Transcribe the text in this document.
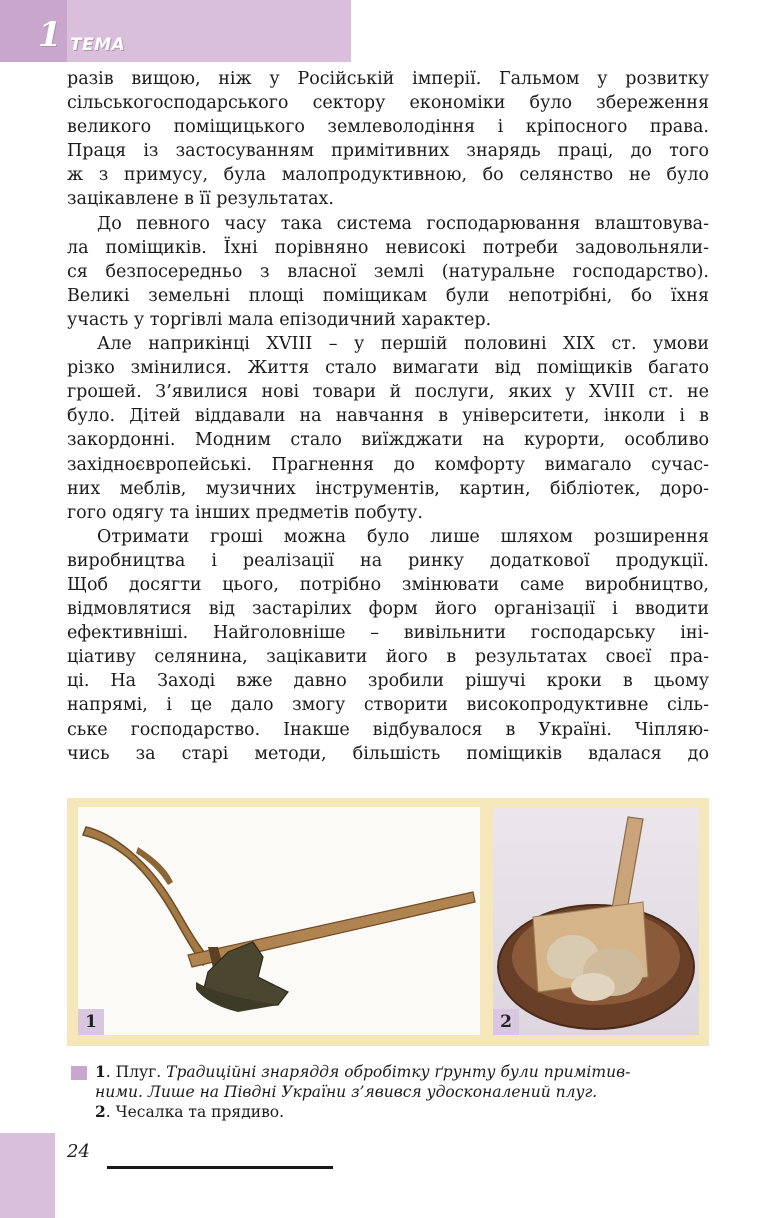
1 ТЕМА

разів вищою, ніж у Російській імперії. Гальмом у розвитку

сільськогосподарського сектору економіки було збереження

великого поміщицького землеволодіння і кріпосного права.

Праця із застосуванням примітивних знарядь праці, до того

ж з примусу, була малопродуктивною, бо селянство не було

зацікавлене в її результатах.

До певного часу така система господарювання влаштовува-

ла поміщиків. Їхні порівняно невисокі потреби задовольняли-

ся безпосередньо з власної землі (натуральне господарство).

Великі земельні площі поміщикам були непотрібні, бо їхня

участь у торгівлі мала епізодичний характер.

Але наприкінці XVIII – у першій половині XIX ст. умови

різко змінилися. Життя стало вимагати від поміщиків багато

грошей. З’явилися нові товари й послуги, яких у XVIII ст. не

було. Дітей віддавали на навчання в університети, інколи і в

закордонні. Модним стало виїжджати на курорти, особливо

західноєвропейські. Прагнення до комфорту вимагало сучас-

них меблів, музичних інструментів, картин, бібліотек, доро-

гого одягу та інших предметів побуту.

Отримати гроші можна було лише шляхом розширення

виробництва і реалізації на ринку додаткової продукції.

Щоб досягти цього, потрібно змінювати саме виробництво,

відмовлятися від застарілих форм його організації і вводити

ефективніші. Найголовніше – вивільнити господарську іні-

ціативу селянина, зацікавити його в результатах своєї пра-

ці. На Заході вже давно зробили рішучі кроки в цьому

напрямі, і це дало змогу створити високопродуктивне сіль-

ське господарство. Інакше відбувалося в Україні. Чіпляю-

чись за старі методи, більшість поміщиків вдалася до

1	2
1. Плуг. Традиційні знаряддя обробітку ґрунту були примітив-
ними. Лише на Півдні України з’явився удосконалений плуг.
2. Чесалка та прядиво.
24
